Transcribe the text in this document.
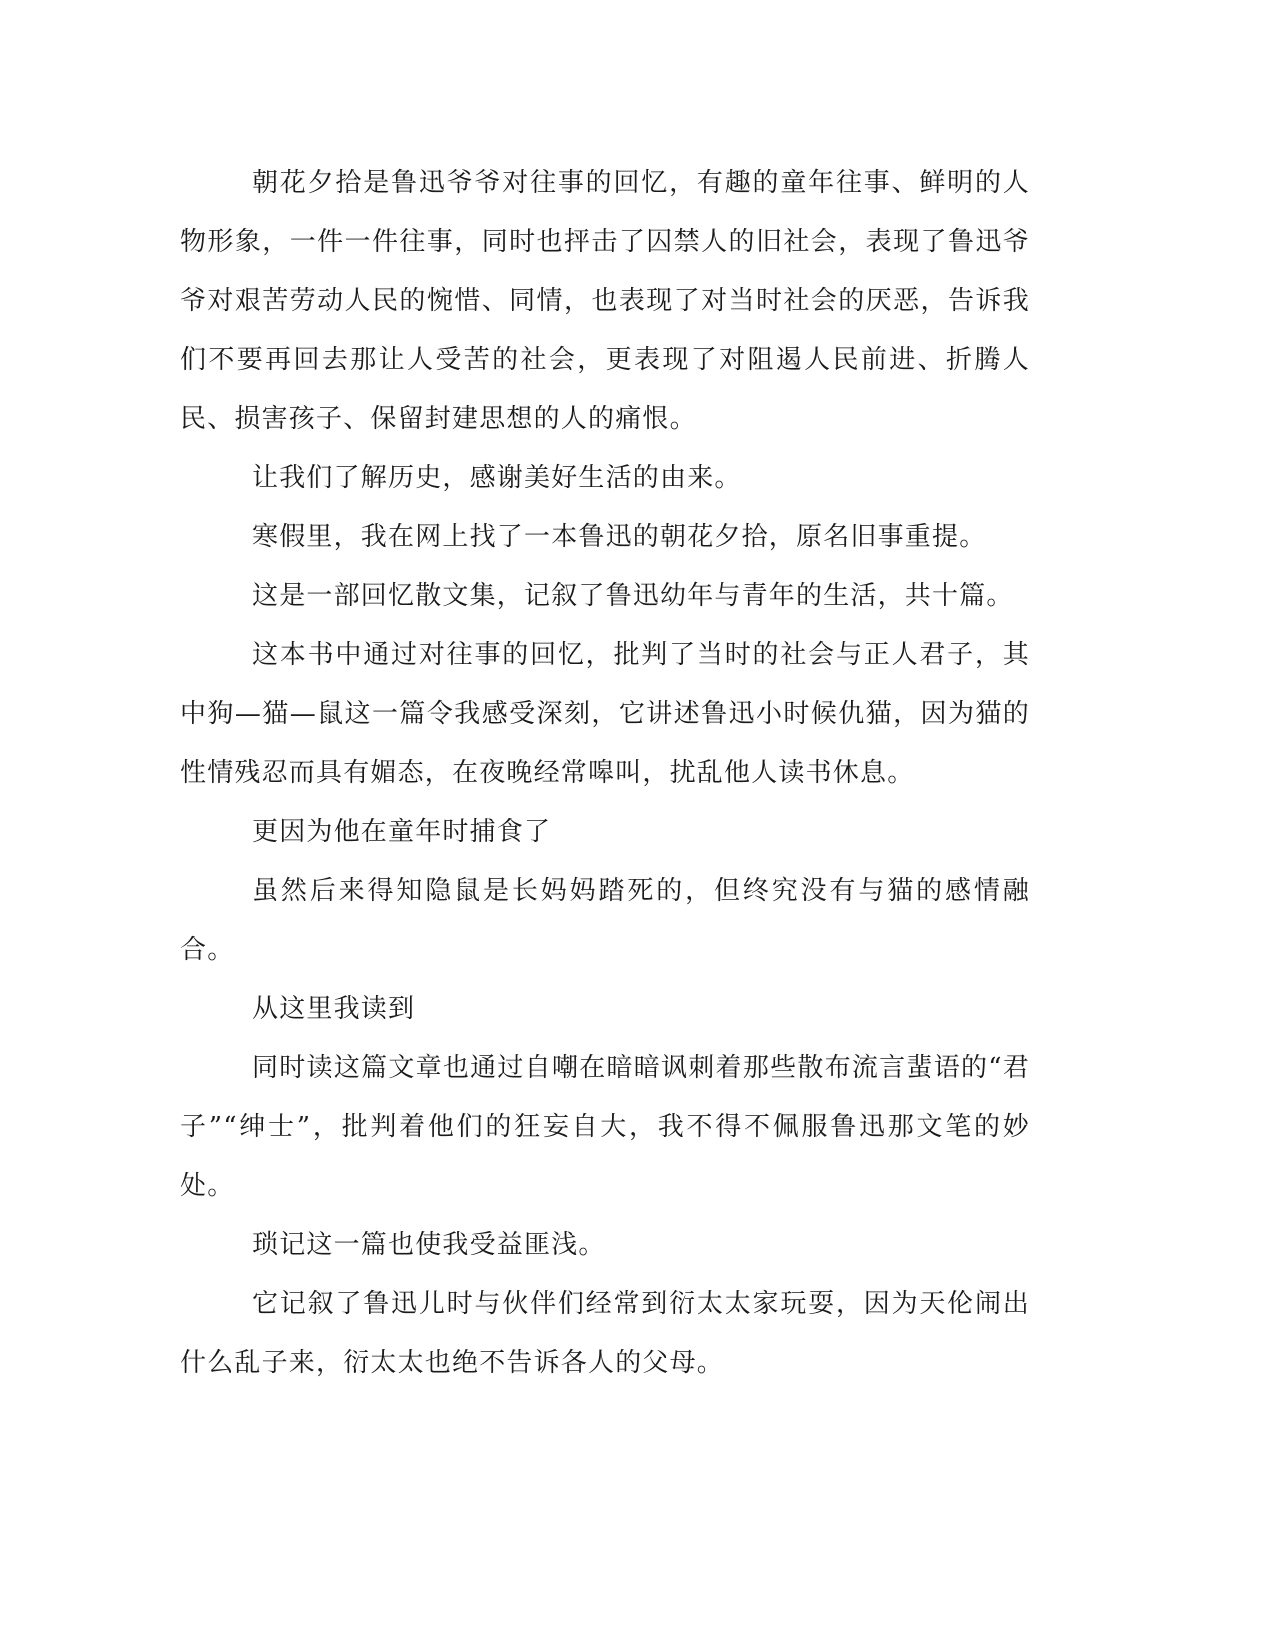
朝花夕拾是鲁迅爷爷对往事的回忆，有趣的童年往事、鲜明的人物形象，一件一件往事，同时也抨击了囚禁人的旧社会，表现了鲁迅爷爷对艰苦劳动人民的惋惜、同情，也表现了对当时社会的厌恶，告诉我们不要再回去那让人受苦的社会，更表现了对阻遏人民前进、折腾人民、损害孩子、保留封建思想的人的痛恨。

让我们了解历史，感谢美好生活的由来。

寒假里，我在网上找了一本鲁迅的朝花夕拾，原名旧事重提。

这是一部回忆散文集，记叙了鲁迅幼年与青年的生活，共十篇。

这本书中通过对往事的回忆，批判了当时的社会与正人君子，其中狗—猫—鼠这一篇令我感受深刻，它讲述鲁迅小时候仇猫，因为猫的性情残忍而具有媚态，在夜晚经常嗥叫，扰乱他人读书休息。

更因为他在童年时捕食了

虽然后来得知隐鼠是长妈妈踏死的，但终究没有与猫的感情融合。

从这里我读到

同时读这篇文章也通过自嘲在暗暗讽刺着那些散布流言蜚语的“君子”“绅士”，批判着他们的狂妄自大，我不得不佩服鲁迅那文笔的妙处。

琐记这一篇也使我受益匪浅。

它记叙了鲁迅儿时与伙伴们经常到衍太太家玩耍，因为天伦闹出什么乱子来，衍太太也绝不告诉各人的父母。
